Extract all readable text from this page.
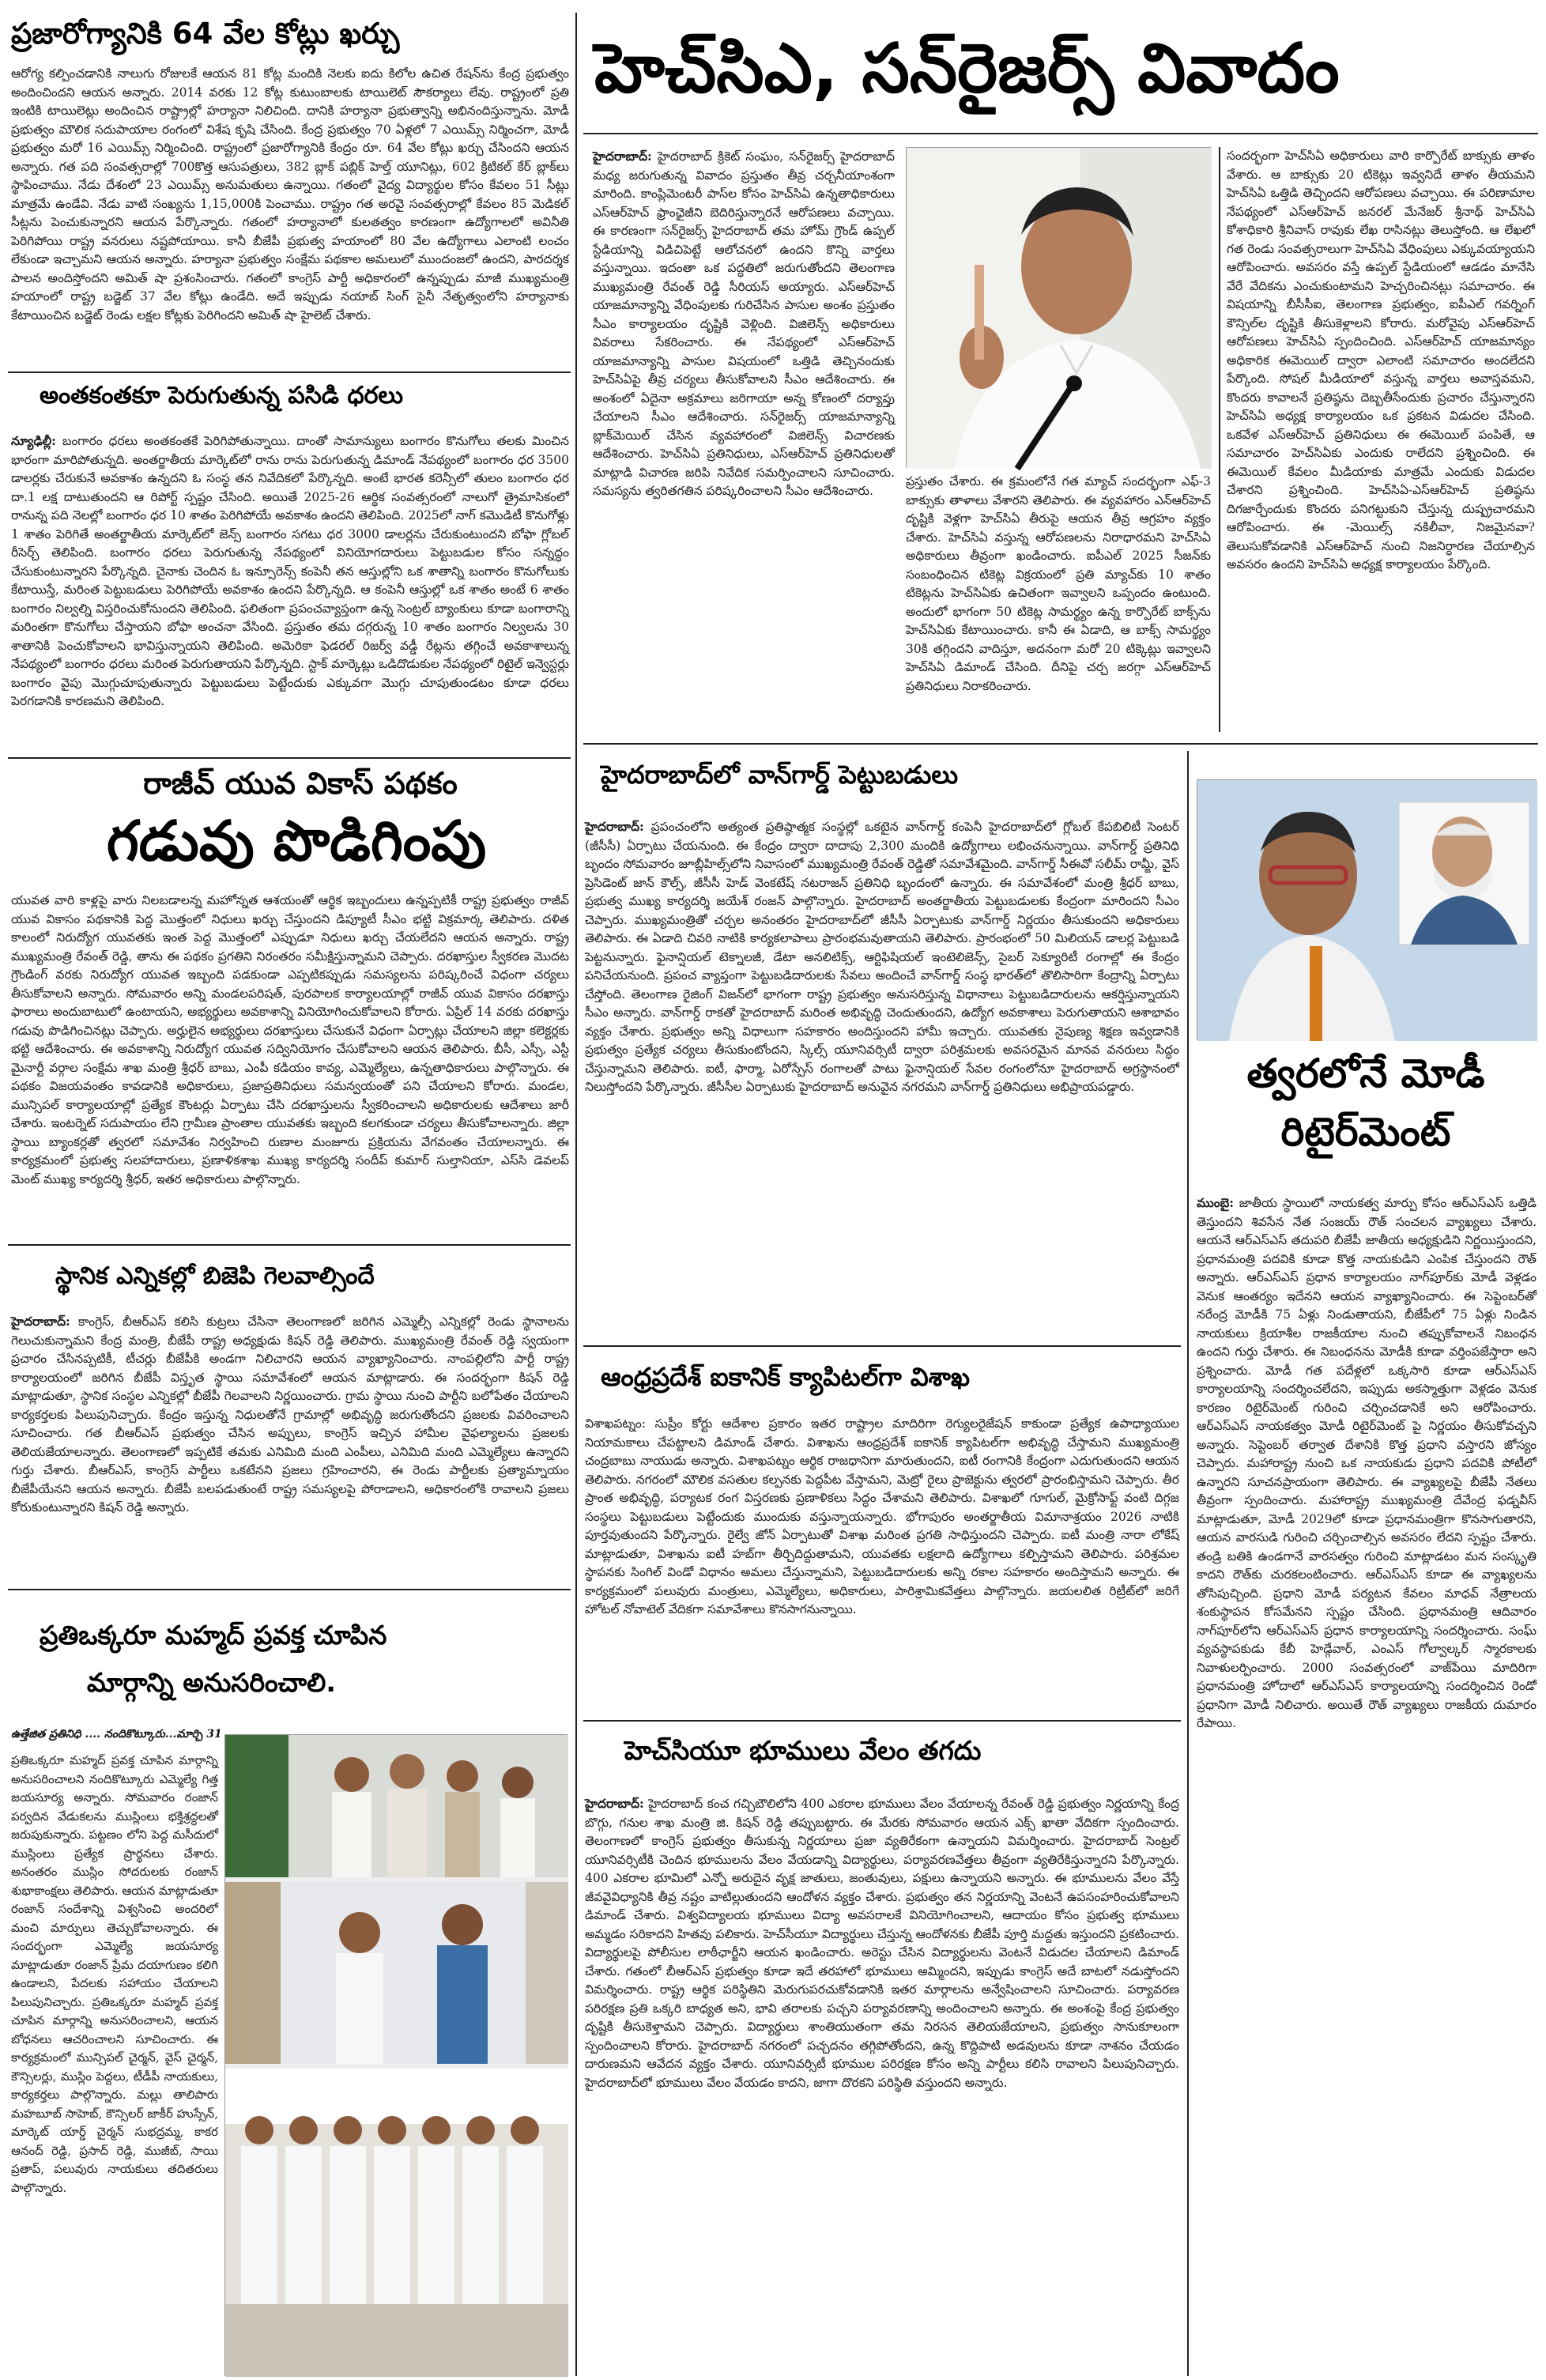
ప్రజారోగ్యానికి 64 వేల కోట్లు ఖర్చు
ఆరోగ్య కల్పించడానికి నాలుగు రోజులకే ఆయన 81 కోట్ల మందికి నెలకు ఐదు కిలోల ఉచిత రేషన్‌ను కేంద్ర ప్రభుత్వం అందించిందని ఆయన అన్నారు. 2014 వరకు 12 కోట్ల కుటుంబాలకు టాయిలెట్ సౌకర్యాలు లేవు. రాష్ట్రంలో ప్రతి ఇంటికి టాయిలెట్లు అందించిన రాష్ట్రాల్లో హర్యానా నిలిచింది. దానికి హర్యానా ప్రభుత్వాన్ని అభినందిస్తున్నాను. మోడీ ప్రభుత్వం మౌలిక సదుపాయాల రంగంలో విశేష కృషి చేసింది. కేంద్ర ప్రభుత్వం 70 ఏళ్లలో 7 ఎయిమ్స్ నిర్మించగా, మోడీ ప్రభుత్వం మరో 16 ఎయిమ్స్ నిర్మించింది. రాష్ట్రంలో ప్రజారోగ్యానికి కేంద్రం రూ. 64 వేల కోట్లు ఖర్చు చేసిందని ఆయన అన్నారు. గత పది సంవత్సరాల్లో 700కొత్త ఆసుపత్రులు, 382 బ్లాక్ పబ్లిక్ హెల్త్ యూనిట్లు, 602 క్రిటికల్ కేర్ బ్లాక్‌లు స్థాపించాము. నేడు దేశంలో 23 ఎయిమ్స్ అనుమతులు ఉన్నాయి. గతంలో వైద్య విద్యార్థుల కోసం కేవలం 51 సీట్లు మాత్రమే ఉండేవి. నేడు వాటి సంఖ్యను 1,15,000కి పెంచాము. రాష్ట్రం గత అరవై సంవత్సరాల్లో కేవలం 85 మెడికల్ సీట్లను పెంచుకున్నారని ఆయన పేర్కొన్నారు. గతంలో హర్యానాలో కులతత్వం కారణంగా ఉద్యోగాలలో అవినీతి పెరిగిపోయి రాష్ట్ర వనరులు నష్టపోయాయి. కానీ బీజేపీ ప్రభుత్వ హయాంలో 80 వేల ఉద్యోగాలు ఎలాంటి లంచం లేకుండా ఇచ్చామని ఆయన అన్నారు. హర్యానా ప్రభుత్వం సంక్షేమ పథకాల అమలులో ముందంజలో ఉందని, పారదర్శక పాలన అందిస్తోందని అమిత్ షా ప్రశంసించారు. గతంలో కాంగ్రెస్ పార్టీ అధికారంలో ఉన్నప్పుడు మాజీ ముఖ్యమంత్రి హయాంలో రాష్ట్ర బడ్జెట్ 37 వేల కోట్లు ఉండేది. అదే ఇప్పుడు నయాబ్ సింగ్ సైనీ నేతృత్వంలోని హర్యానాకు కేటాయించిన బడ్జెట్ రెండు లక్షల కోట్లకు పెరిగిందని అమిత్ షా హైలెట్ చేశారు.
అంతకంతకూ పెరుగుతున్న పసిడి ధరలు
న్యూఢిల్లీ: బంగారం ధరలు అంతకంతకే పెరిగిపోతున్నాయి. దాంతో సామాన్యులు బంగారం కొనుగోలు తలకు మించిన భారంగా మారిపోతున్నది. అంతర్జాతీయ మార్కెట్‌లో రాను రాను పెరుగుతున్న డిమాండ్ నేపథ్యంలో బంగారం ధర 3500 డాలర్లకు చేరుకునే అవకాశం ఉన్నదని ఓ సంస్థ తన నివేదికలో పేర్కొన్నది. అంటే భారత కరెన్సీలో తులం బంగారం ధర దా.1 లక్ష దాటుతుందని ఆ రిపోర్ట్ స్పష్టం చేసింది. అయితే 2025-26 ఆర్థిక సంవత్సరంలో నాలుగో త్రైమాసికంలో రానున్న పది నెలల్లో బంగారం ధర 10 శాతం పెరిగిపోయే అవకాశం ఉందని తెలిపింది. 2025లో నాగ్ కమొడిటీ కొనుగోళ్లు 1 శాతం పెరిగితే అంతర్జాతీయ మార్కెట్‌లో జెన్స్ బంగారం సగటు ధర 3000 డాలర్లను చేరుకుంటుందని బోఫా గ్లోబల్ రీసెర్చ్ తెలిపింది. బంగారం ధరలు పెరుగుతున్న నేపథ్యంలో వినియోగదారులు పెట్టుబడుల కోసం సన్నద్ధం చేసుకుంటున్నారని పేర్కొన్నది. చైనాకు చెందిన ఓ ఇన్సూరెన్స్ కంపెనీ తన ఆస్తుల్లోని ఒక శాతాన్ని బంగారం కొనుగోలుకు కేటాయిస్తే, మరింత పెట్టుబడులు పెరిగిపోయే అవకాశం ఉందని పేర్కొన్నది. ఆ కంపెనీ ఆస్తుల్లో ఒక శాతం అంటే 6 శాతం బంగారం నిల్వల్ని విస్తరించుకోనుందని తెలిపింది. ఫలితంగా ప్రపంచవ్యాప్తంగా ఉన్న సెంట్రల్ బ్యాంకులు కూడా బంగారాన్ని మరింతగా కొనుగోలు చేస్తాయని బోఫా అంచనా వేసింది. ప్రస్తుతం తమ దగ్గరున్న 10 శాతం బంగారం నిల్వలను 30 శాతానికి పెంచుకోవాలని భావిస్తున్నాయని తెలిపింది. అమెరికా ఫెడరల్ రిజర్వ్ వడ్డీ రేట్లను తగ్గించే అవకాశాలున్న నేపథ్యంలో బంగారం ధరలు మరింత పెరుగుతాయని పేర్కొన్నది. స్టాక్ మార్కెట్లు ఒడిదొడుకుల నేపథ్యంలో రిటైల్ ఇన్వెస్టర్లు బంగారం వైపు మొగ్గుచూపుతున్నారు పెట్టుబడులు పెట్టేందుకు ఎక్కువగా మొగ్గు చూపుతుండటం కూడా ధరలు పెరగడానికి కారణమని తెలిపింది.
హెచ్‌సిఎ, సన్‌రైజర్స్ వివాదం
హైదరాబాద్: హైదరాబాద్ క్రికెట్ సంఘం, సన్‌రైజర్స్ హైదరాబాద్ మధ్య జరుగుతున్న వివాదం ప్రస్తుతం తీవ్ర చర్చనీయాంశంగా మారింది. కాంప్లిమెంటరీ పాస్‌ల కోసం హెచ్‌సిఏ ఉన్నతాధికారులు ఎస్‌ఆర్‌హెచ్ ఫ్రాంఛైజీని బెదిరిస్తున్నారనే ఆరోపణలు వచ్చాయి. ఈ కారణంగా సన్‌రైజర్స్ హైదరాబాద్ తమ హోమ్ గ్రౌండ్ ఉప్పల్ స్టేడియాన్ని విడిచిపెట్టే ఆలోచనలో ఉందని కొన్ని వార్తలు వస్తున్నాయి. ఇదంతా ఒక పద్ధతిలో జరుగుతోందని తెలంగాణ ముఖ్యమంత్రి రేవంత్ రెడ్డి సీరియస్ అయ్యారు. ఎస్‌ఆర్‌హెచ్ యాజమాన్యాన్ని వేధింపులకు గురిచేసిన పాసుల అంశం ప్రస్తుతం సీఎం కార్యాలయం దృష్టికి వెళ్లింది. విజిలెన్స్ అధికారులు వివరాలు సేకరించారు. ఈ నేపథ్యంలో ఎస్‌ఆర్‌హెచ్ యాజమాన్యాన్ని పాసుల విషయంలో ఒత్తిడి తెచ్చినందుకు హెచ్‌సిఏపై తీవ్ర చర్యలు తీసుకోవాలని సీఎం ఆదేశించారు. ఈ అంశంలో ఏదైనా అక్రమాలు జరిగాయా అన్న కోణంలో దర్యాప్తు చేయాలని సీఎం ఆదేశించారు. సన్‌రైజర్స్ యాజమాన్యాన్ని బ్లాక్‌మెయిల్ చేసిన వ్యవహారంలో విజిలెన్స్ విచారణకు ఆదేశించారు. హెచ్‌సిఏ ప్రతినిధులు, ఎస్‌ఆర్‌హెచ్ ప్రతినిధులతో మాట్లాడి విచారణ జరిపి నివేదిక సమర్పించాలని సూచించారు. సమస్యను త్వరితగతిన పరిష్కరించాలని సీఎం ఆదేశించారు.
ప్రస్తుతం చేశారు. ఈ క్రమంలోనే గత మ్యాచ్ సందర్భంగా ఎఫ్-3 బాక్సుకు తాళాలు వేశారని తెలిపారు. ఈ వ్యవహారం ఎన్‌ఆర్‌హెచ్ దృష్టికి వెళ్లగా హెచ్‌సిఏ తీరుపై ఆయన తీవ్ర ఆగ్రహం వ్యక్తం చేశారు. హెచ్‌సిఏ వస్తున్న ఆరోపణలను నిరాధారమని హెచ్‌సిఏ అధికారులు తీవ్రంగా ఖండించారు. ఐపీఎల్ 2025 సీజన్‌కు సంబంధించిన టికెట్ల విక్రయంలో ప్రతి మ్యాచ్‌కు 10 శాతం టికెట్లను హెచ్‌సిఏకు ఉచితంగా ఇవ్వాలని ఒప్పందం ఉంటుంది. అందులో భాగంగా 50 టికెట్ల సామర్థ్యం ఉన్న కార్పొరేట్ బాక్స్‌ను హెచ్‌సిఏకు కేటాయించారు. కానీ ఈ ఏడాది, ఆ బాక్స్ సామర్థ్యం 30కి తగ్గిందని వాదిస్తూ, అదనంగా మరో 20 టిక్కెట్లు ఇవ్వాలని హెచ్‌సిఏ డిమాండ్ చేసింది. దీనిపై చర్చ జరగ్గా ఎస్‌ఆర్‌హెచ్ ప్రతినిధులు నిరాకరించారు.
సందర్భంగా హెచ్‌సిఏ అధికారులు వారి కార్పొరేట్ బాక్సుకు తాళం వేశారు. ఆ బాక్సుకు 20 టికెట్లు ఇవ్వనిదే తాళం తీయమని హెచ్‌సిఏ ఒత్తిడి తెచ్చిందని ఆరోపణలు వచ్చాయి. ఈ పరిణామాల నేపథ్యంలో ఎస్‌ఆర్‌హెచ్ జనరల్ మేనేజర్ శ్రీనాథ్ హెచ్‌సిఏ కోశాధికారి శ్రీనివాస్ రావుకు లేఖ రాసినట్లు తెలుస్తోంది. ఆ లేఖలో గత రెండు సంవత్సరాలుగా హెచ్‌సిఏ వేధింపులు ఎక్కువయ్యాయని ఆరోపించారు. అవసరం వస్తే ఉప్పల్ స్టేడియంలో ఆడడం మానేసి వేరే వేదికను ఎంచుకుంటామని హెచ్చరించినట్లు సమాచారం. ఈ విషయాన్ని బీసీసీఐ, తెలంగాణ ప్రభుత్వం, ఐపీఎల్ గవర్నింగ్ కౌన్సిల్‌ల దృష్టికి తీసుకెళ్లాలని కోరారు. మరోవైపు ఎస్‌ఆర్‌హెచ్ ఆరోపణలు హెచ్‌సిఏ స్పందించింది. ఎస్‌ఆర్‌హెచ్ యాజమాన్యం అధికారిక ఈమెయిల్ ద్వారా ఎలాంటి సమాచారం అందలేదని పేర్కొంది. సోషల్ మీడియాలో వస్తున్న వార్తలు అవాస్తవమని, కొందరు కావాలనే ప్రతిష్ఠను దెబ్బతీసేందుకు ప్రచారం చేస్తున్నారని హెచ్‌సిఏ అధ్యక్ష కార్యాలయం ఒక ప్రకటన విడుదల చేసింది. ఒకవేళ ఎస్‌ఆర్‌హెచ్ ప్రతినిధులు ఈ ఈమెయిల్ పంపితే, ఆ సమాచారం హెచ్‌సిఏకు ఎందుకు రాలేదని ప్రశ్నించింది. ఈ ఈమెయిల్ కేవలం మీడియాకు మాత్రమే ఎందుకు విడుదల చేశారని ప్రశ్నించింది. హెచ్‌సిఏ-ఎస్‌ఆర్‌హెచ్ ప్రతిష్ఠను దిగజార్చేందుకు కొందరు పనిగట్టుకుని చేస్తున్న దుష్ప్రచారమని ఆరోపించారు. ఈ -మెయిల్స్ నకిలీవా, నిజమైనవా? తెలుసుకోవడానికి ఎస్‌ఆర్‌హెచ్ నుంచి నిజనిర్ధారణ చేయాల్సిన అవసరం ఉందని హెచ్‌సిఏ అధ్యక్ష కార్యాలయం పేర్కొంది.
రాజీవ్ యువ వికాస్ పథకం
గడువు పొడిగింపు
యువత వారి కాళ్లపై వారు నిలబడాలన్న మహోన్నత ఆశయంతో ఆర్థిక ఇబ్బందులు ఉన్నప్పటికీ రాష్ట్ర ప్రభుత్వం రాజీవ్ యువ వికాసం పథకానికి పెద్ద మొత్తంలో నిధులు ఖర్చు చేస్తుందని డిప్యూటీ సీఎం భట్టి విక్రమార్క తెలిపారు. దళిత కాలంలో నిరుద్యోగ యువతకు ఇంత పెద్ద మొత్తంలో ఎప్పుడూ నిధులు ఖర్చు చేయలేదని ఆయన అన్నారు. రాష్ట్ర ముఖ్యమంత్రి రేవంత్ రెడ్డి, తాను ఈ పథకం ప్రగతిని నిరంతరం సమీక్షిస్తున్నామని చెప్పారు. దరఖాస్తుల స్వీకరణ మొదట గ్రౌండింగ్ వరకు నిరుద్యోగ యువత ఇబ్బంది పడకుండా ఎప్పటికప్పుడు సమస్యలను పరిష్కరించే విధంగా చర్యలు తీసుకోవాలని అన్నారు. సోమవారం అన్ని మండలపరిషత్, పురపాలక కార్యాలయాల్లో రాజీవ్ యువ వికాసం దరఖాస్తు ఫారాలు అందుబాటులో ఉంటాయని, అభ్యర్థులు అవకాశాన్ని వినియోగించుకోవాలని కోరారు. ఏప్రిల్ 14 వరకు దరఖాస్తు గడువు పొడిగించినట్లు చెప్పారు. అర్హులైన అభ్యర్థులు దరఖాస్తులు చేసుకునే విధంగా ఏర్పాట్లు చేయాలని జిల్లా కలెక్టర్లకు భట్టి ఆదేశించారు. ఈ అవకాశాన్ని నిరుద్యోగ యువత సద్వినియోగం చేసుకోవాలని ఆయన తెలిపారు. బీసీ, ఎస్సీ, ఎస్టీ మైనార్టీ వర్గాల సంక్షేమ శాఖ మంత్రి శ్రీధర్ బాబు, ఎంపీ కడియం కావ్య, ఎమ్మెల్యేలు, ఉన్నతాధికారులు పాల్గొన్నారు. ఈ పథకం విజయవంతం కావడానికి అధికారులు, ప్రజాప్రతినిధులు సమన్వయంతో పని చేయాలని కోరారు. మండల, మున్సిపల్ కార్యాలయాల్లో ప్రత్యేక కౌంటర్లు ఏర్పాటు చేసి దరఖాస్తులను స్వీకరించాలని అధికారులకు ఆదేశాలు జారీ చేశారు. ఇంటర్నెట్ సదుపాయం లేని గ్రామీణ ప్రాంతాల యువతకు ఇబ్బంది కలగకుండా చర్యలు తీసుకోవాలన్నారు. జిల్లా స్థాయి బ్యాంకర్లతో త్వరలో సమావేశం నిర్వహించి రుణాల మంజూరు ప్రక్రియను వేగవంతం చేయాలన్నారు. ఈ కార్యక్రమంలో ప్రభుత్వ సలహాదారులు, ప్రణాళికశాఖ ముఖ్య కార్యదర్శి సందీప్ కుమార్ సుల్తానియా, ఎస్‌సి డెవలప్ మెంట్ ముఖ్య కార్యదర్శి శ్రీధర్, ఇతర అధికారులు పాల్గొన్నారు.
స్థానిక ఎన్నికల్లో బిజెపి గెలవాల్సిందే
హైదరాబాద్: కాంగ్రెస్, బీఆర్ఎస్ కలిసి కుట్రలు చేసినా తెలంగాణలో జరిగిన ఎమ్మెల్సీ ఎన్నికల్లో రెండు స్థానాలను గెలుచుకున్నామని కేంద్ర మంత్రి, బీజేపీ రాష్ట్ర అధ్యక్షుడు కిషన్ రెడ్డి తెలిపారు. ముఖ్యమంత్రి రేవంత్ రెడ్డి స్వయంగా ప్రచారం చేసినప్పటికీ, టీచర్లు బీజేపీకి అండగా నిలిచారని ఆయన వ్యాఖ్యానించారు. నాంపల్లిలోని పార్టీ రాష్ట్ర కార్యాలయంలో జరిగిన బీజేపీ విస్తృత స్థాయి సమావేశంలో ఆయన మాట్లాడారు. ఈ సందర్భంగా కిషన్ రెడ్డి మాట్లాడుతూ, స్థానిక సంస్థల ఎన్నికల్లో బీజేపీ గెలవాలని నిర్ణయించారు. గ్రామ స్థాయి నుంచి పార్టీని బలోపేతం చేయాలని కార్యకర్తలకు పిలుపునిచ్చారు. కేంద్రం ఇస్తున్న నిధులతోనే గ్రామాల్లో అభివృద్ధి జరుగుతోందని ప్రజలకు వివరించాలని సూచించారు. గత బీఆర్ఎస్ ప్రభుత్వం చేసిన అప్పులు, కాంగ్రెస్ ఇచ్చిన హామీల వైఫల్యాలను ప్రజలకు తెలియజేయాలన్నారు. తెలంగాణలో ఇప్పటికే తమకు ఎనిమిది మంది ఎంపీలు, ఎనిమిది మంది ఎమ్మెల్యేలు ఉన్నారని గుర్తు చేశారు. బీఆర్ఎస్, కాంగ్రెస్ పార్టీలు ఒకటేనని ప్రజలు గ్రహించారని, ఈ రెండు పార్టీలకు ప్రత్యామ్నాయం బీజేపీయేనని ఆయన అన్నారు. బీజేపీ బలపడుతుంటే రాష్ట్ర సమస్యలపై పోరాడాలని, అధికారంలోకి రావాలని ప్రజలు కోరుకుంటున్నారని కిషన్ రెడ్డి అన్నారు.
ప్రతిఒక్కరూ మహ్మద్ ప్రవక్త చూపిన
మార్గాన్ని అనుసరించాలి.
ఉత్తేజిత ప్రతినిధి .... నందికొట్కూరు...మార్చి 31
ప్రతిఒక్కరూ మహ్మద్ ప్రవక్త చూపిన మార్గాన్ని అనుసరించాలని నందికొట్కూరు ఎమ్మెల్యే గిత్త జయసూర్య అన్నారు. సోమవారం రంజాన్ పర్వదిన వేడుకలను ముస్లింలు భక్తిశ్రద్ధలతో జరుపుకున్నారు. పట్టణం లోని పెద్ద మసీదులో ముస్లింలు ప్రత్యేక ప్రార్థనలు చేశారు. అనంతరం ముస్లిం సోదరులకు రంజాన్ శుభాకాంక్షలు తెలిపారు. ఆయన మాట్లాడుతూ రంజాన్ సందేశాన్ని విశ్వసించి అందరిలో మంచి మార్పులు తెచ్చుకోవాలన్నారు. ఈ సందర్భంగా ఎమ్మెల్యే జయసూర్య మాట్లాడుతూ రంజాన్ ప్రేమ దయాగుణం కలిగి ఉండాలని, పేదలకు సహాయం చేయాలని పిలుపునిచ్చారు. ప్రతిఒక్కరూ మహ్మద్ ప్రవక్త చూపిన మార్గాన్ని అనుసరించాలని, ఆయన బోధనలు ఆచరించాలని సూచించారు. ఈ కార్యక్రమంలో మున్సిపల్ చైర్మన్, వైస్ చైర్మన్, కౌన్సిలర్లు, ముస్లిం పెద్దలు, టీడీపీ నాయకులు, కార్యకర్తలు పాల్గొన్నారు. మల్లు తాలిపారు మహబూబ్ సాహెబ్, కౌన్సిలర్ జాకీర్ హుస్సేన్, మార్కెట్ యార్డ్ చైర్మన్ సుభద్రమ్మ, కాకర ఆనంద్ రెడ్డి, ప్రసాద్ రెడ్డి, ముజీబ్, సాయి ప్రతాప్, పలువురు నాయకులు తదితరులు పాల్గొన్నారు.
హైదరాబాద్‌లో వాన్‌గార్డ్ పెట్టుబడులు
హైదరాబాద్: ప్రపంచంలోని అత్యంత ప్రతిష్ఠాత్మక సంస్థల్లో ఒకటైన వాన్‌గార్డ్ కంపెనీ హైదరాబాద్‌లో గ్లోబల్ కేపబిలిటీ సెంటర్ (జీసీసీ) ఏర్పాటు చేయనుంది. ఈ కేంద్రం ద్వారా దాదాపు 2,300 మందికి ఉద్యోగాలు లభించనున్నాయి. వాన్‌గార్డ్ ప్రతినిధి బృందం సోమవారం జూబ్లీహిల్స్‌లోని నివాసంలో ముఖ్యమంత్రి రేవంత్ రెడ్డితో సమావేశమైంది. వాన్‌గార్డ్ సీఈవో సలీమ్ రామ్జీ, వైస్ ప్రెసిడెంట్ జాన్ కౌల్స్, జీసీసీ హెడ్ వెంకటేష్ నటరాజన్ ప్రతినిధి బృందంలో ఉన్నారు. ఈ సమావేశంలో మంత్రి శ్రీధర్ బాబు, ప్రభుత్వ ముఖ్య కార్యదర్శి జయేశ్ రంజన్ పాల్గొన్నారు. హైదరాబాద్ అంతర్జాతీయ పెట్టుబడులకు కేంద్రంగా మారిందని సీఎం చెప్పారు. ముఖ్యమంత్రితో చర్చల అనంతరం హైదరాబాద్‌లో జీసీసీ ఏర్పాటుకు వాన్‌గార్డ్ నిర్ణయం తీసుకుందని అధికారులు తెలిపారు. ఈ ఏడాది చివరి నాటికి కార్యకలాపాలు ప్రారంభమవుతాయని తెలిపారు. ప్రారంభంలో 50 మిలియన్ డాలర్ల పెట్టుబడి పెట్టనున్నారు. ఫైనాన్షియల్ టెక్నాలజీ, డేటా అనలిటిక్స్, ఆర్టిఫిషియల్ ఇంటెలిజెన్స్, సైబర్ సెక్యూరిటీ రంగాల్లో ఈ కేంద్రం పనిచేయనుంది. ప్రపంచ వ్యాప్తంగా పెట్టుబడిదారులకు సేవలు అందించే వాన్‌గార్డ్ సంస్థ భారత్‌లో తొలిసారిగా కేంద్రాన్ని ఏర్పాటు చేస్తోంది. తెలంగాణ రైజింగ్ విజన్‌లో భాగంగా రాష్ట్ర ప్రభుత్వం అనుసరిస్తున్న విధానాలు పెట్టుబడిదారులను ఆకర్షిస్తున్నాయని సీఎం అన్నారు. వాన్‌గార్డ్ రాకతో హైదరాబాద్ మరింత అభివృద్ధి చెందుతుందని, ఉద్యోగ అవకాశాలు పెరుగుతాయని ఆశాభావం వ్యక్తం చేశారు. ప్రభుత్వం అన్ని విధాలుగా సహకారం అందిస్తుందని హామీ ఇచ్చారు. యువతకు నైపుణ్య శిక్షణ ఇవ్వడానికి ప్రభుత్వం ప్రత్యేక చర్యలు తీసుకుంటోందని, స్కిల్స్ యూనివర్సిటీ ద్వారా పరిశ్రమలకు అవసరమైన మానవ వనరులు సిద్ధం చేస్తున్నామని తెలిపారు. ఐటీ, ఫార్మా, ఏరోస్పేస్ రంగాలతో పాటు ఫైనాన్షియల్ సేవల రంగంలోనూ హైదరాబాద్ అగ్రస్థానంలో నిలుస్తోందని పేర్కొన్నారు. జీసీసీల ఏర్పాటుకు హైదరాబాద్ అనువైన నగరమని వాన్‌గార్డ్ ప్రతినిధులు అభిప్రాయపడ్డారు.
ఆంధ్రప్రదేశ్ ఐకానిక్ క్యాపిటల్‌గా విశాఖ
విశాఖపట్నం: సుప్రీం కోర్టు ఆదేశాల ప్రకారం ఇతర రాష్ట్రాల మాదిరిగా రెగ్యులరైజేషన్ కాకుండా ప్రత్యేక ఉపాధ్యాయుల నియామకాలు చేపట్టాలని డిమాండ్ చేశారు. విశాఖను ఆంధ్రప్రదేశ్ ఐకానిక్ క్యాపిటల్‌గా అభివృద్ధి చేస్తామని ముఖ్యమంత్రి చంద్రబాబు నాయుడు అన్నారు. విశాఖపట్నం ఆర్థిక రాజధానిగా మారుతుందని, ఐటీ రంగానికి కేంద్రంగా ఎదుగుతుందని ఆయన తెలిపారు. నగరంలో మౌలిక వసతుల కల్పనకు పెద్దపీట వేస్తామని, మెట్రో రైలు ప్రాజెక్టును త్వరలో ప్రారంభిస్తామని చెప్పారు. తీర ప్రాంత అభివృద్ధి, పర్యాటక రంగ విస్తరణకు ప్రణాళికలు సిద్ధం చేశామని తెలిపారు. విశాఖలో గూగుల్, మైక్రోసాఫ్ట్ వంటి దిగ్గజ సంస్థలు పెట్టుబడులు పెట్టేందుకు ముందుకు వస్తున్నాయన్నారు. భోగాపురం అంతర్జాతీయ విమానాశ్రయం 2026 నాటికి పూర్తవుతుందని పేర్కొన్నారు. రైల్వే జోన్ ఏర్పాటుతో విశాఖ మరింత ప్రగతి సాధిస్తుందని చెప్పారు. ఐటీ మంత్రి నారా లోకేష్ మాట్లాడుతూ, విశాఖను ఐటీ హబ్‌గా తీర్చిదిద్దుతామని, యువతకు లక్షలాది ఉద్యోగాలు కల్పిస్తామని తెలిపారు. పరిశ్రమల స్థాపనకు సింగిల్ విండో విధానం అమలు చేస్తున్నామని, పెట్టుబడిదారులకు అన్ని రకాల సహకారం అందిస్తామని అన్నారు. ఈ కార్యక్రమంలో పలువురు మంత్రులు, ఎమ్మెల్యేలు, అధికారులు, పారిశ్రామికవేత్తలు పాల్గొన్నారు. జయలలిత రిట్రీట్‌లో జరిగే హోటల్ నోవాటెల్ వేదికగా సమావేశాలు కొనసాగనున్నాయి.
హెచ్‌సియూ భూములు వేలం తగదు
హైదరాబాద్: హైదరాబాద్ కంచ గచ్చిబౌలిలోని 400 ఎకరాల భూములు వేలం వేయాలన్న రేవంత్ రెడ్డి ప్రభుత్వం నిర్ణయాన్ని కేంద్ర బొగ్గు, గనుల శాఖ మంత్రి జి. కిషన్ రెడ్డి తప్పుబట్టారు. ఈ మేరకు సోమవారం ఆయన ఎక్స్ ఖాతా వేదికగా స్పందించారు. తెలంగాణలో కాంగ్రెస్ ప్రభుత్వం తీసుకున్న నిర్ణయాలు ప్రజా వ్యతిరేకంగా ఉన్నాయని విమర్శించారు. హైదరాబాద్ సెంట్రల్ యూనివర్సిటీకి చెందిన భూములను వేలం వేయడాన్ని విద్యార్థులు, పర్యావరణవేత్తలు తీవ్రంగా వ్యతిరేకిస్తున్నారని పేర్కొన్నారు. 400 ఎకరాల భూమిలో ఎన్నో అరుదైన వృక్ష జాతులు, జంతువులు, పక్షులు ఉన్నాయని అన్నారు. ఈ భూములను వేలం వేస్తే జీవవైవిధ్యానికి తీవ్ర నష్టం వాటిల్లుతుందని ఆందోళన వ్యక్తం చేశారు. ప్రభుత్వం తన నిర్ణయాన్ని వెంటనే ఉపసంహరించుకోవాలని డిమాండ్ చేశారు. విశ్వవిద్యాలయ భూములు విద్యా అవసరాలకే వినియోగించాలని, ఆదాయం కోసం ప్రభుత్వ భూములు అమ్మడం సరికాదని హితవు పలికారు. హెచ్‌సీయూ విద్యార్థులు చేస్తున్న ఆందోళనకు బీజేపీ పూర్తి మద్దతు ఇస్తుందని ప్రకటించారు. విద్యార్థులపై పోలీసుల లాఠీఛార్జీని ఆయన ఖండించారు. అరెస్టు చేసిన విద్యార్థులను వెంటనే విడుదల చేయాలని డిమాండ్ చేశారు. గతంలో బీఆర్ఎస్ ప్రభుత్వం కూడా ఇదే తరహాలో భూములు అమ్మిందని, ఇప్పుడు కాంగ్రెస్ అదే బాటలో నడుస్తోందని విమర్శించారు. రాష్ట్ర ఆర్థిక పరిస్థితిని మెరుగుపరచుకోవడానికి ఇతర మార్గాలను అన్వేషించాలని సూచించారు. పర్యావరణ పరిరక్షణ ప్రతి ఒక్కరి బాధ్యత అని, భావి తరాలకు పచ్చని పర్యావరణాన్ని అందించాలని అన్నారు. ఈ అంశంపై కేంద్ర ప్రభుత్వం దృష్టికి తీసుకెళ్తామని చెప్పారు. విద్యార్థులు శాంతియుతంగా తమ నిరసన తెలియజేయాలని, ప్రభుత్వం సానుకూలంగా స్పందించాలని కోరారు. హైదరాబాద్ నగరంలో పచ్చదనం తగ్గిపోతోందని, ఉన్న కొద్దిపాటి అడవులను కూడా నాశనం చేయడం దారుణమని ఆవేదన వ్యక్తం చేశారు. యూనివర్సిటీ భూముల పరిరక్షణ కోసం అన్ని పార్టీలు కలిసి రావాలని పిలుపునిచ్చారు. హైదరాబాద్‌లో భూములు వేలం వేయడం కాదని, జాగా దొరకని పరిస్థితి వస్తుందని అన్నారు.
త్వరలోనే మోడీ
రిటైర్‌మెంట్
ముంబై: జాతీయ స్థాయిలో నాయకత్వ మార్పు కోసం ఆర్ఎస్ఎస్ ఒత్తిడి తెస్తుందని శివసేన నేత సంజయ్ రౌత్ సంచలన వ్యాఖ్యలు చేశారు. ఆయనే ఆర్ఎస్ఎస్ తదుపరి బీజేపీ జాతీయ అధ్యక్షుడిని నిర్ణయిస్తుందని, ప్రధానమంత్రి పదవికి కూడా కొత్త నాయకుడిని ఎంపిక చేస్తుందని రౌత్ అన్నారు. ఆర్ఎస్ఎస్ ప్రధాన కార్యాలయం నాగ్‌పూర్‌కు మోడీ వెళ్లడం వెనుక ఆంతర్యం ఇదేనని ఆయన వ్యాఖ్యానించారు. ఈ సెప్టెంబర్‌తో నరేంద్ర మోడీకి 75 ఏళ్లు నిండుతాయని, బీజేపీలో 75 ఏళ్లు నిండిన నాయకులు క్రియాశీల రాజకీయాల నుంచి తప్పుకోవాలనే నిబంధన ఉందని గుర్తు చేశారు. ఈ నిబంధనను మోడీకి కూడా వర్తింపజేస్తారా అని ప్రశ్నించారు. మోడీ గత పదేళ్లలో ఒక్కసారి కూడా ఆర్ఎస్ఎస్ కార్యాలయాన్ని సందర్శించలేదని, ఇప్పుడు అకస్మాత్తుగా వెళ్లడం వెనుక కారణం రిటైర్‌మెంట్ గురించి చర్చించడానికే అని ఆరోపించారు. ఆర్ఎస్ఎస్ నాయకత్వం మోడీ రిటైర్‌మెంట్ పై నిర్ణయం తీసుకోవచ్చని అన్నారు. సెప్టెంబర్ తర్వాత దేశానికి కొత్త ప్రధాని వస్తారని జోస్యం చెప్పారు. మహారాష్ట్ర నుంచి ఒక నాయకుడు ప్రధాని పదవికి పోటీలో ఉన్నారని సూచనప్రాయంగా తెలిపారు. ఈ వ్యాఖ్యలపై బీజేపీ నేతలు తీవ్రంగా స్పందించారు. మహారాష్ట్ర ముఖ్యమంత్రి దేవేంద్ర ఫడ్నవీస్ మాట్లాడుతూ, మోడీ 2029లో కూడా ప్రధానమంత్రిగా కొనసాగుతారని, ఆయన వారసుడి గురించి చర్చించాల్సిన అవసరం లేదని స్పష్టం చేశారు. తండ్రి బతికి ఉండగానే వారసత్వం గురించి మాట్లాడటం మన సంస్కృతి కాదని రౌత్‌కు చురకలంటించారు. ఆర్ఎస్ఎస్ కూడా ఈ వ్యాఖ్యలను తోసిపుచ్చింది. ప్రధాని మోడీ పర్యటన కేవలం మాధవ్ నేత్రాలయ శంకుస్థాపన కోసమేనని స్పష్టం చేసింది. ప్రధానమంత్రి ఆదివారం నాగ్‌పూర్‌లోని ఆర్ఎస్ఎస్ ప్రధాన కార్యాలయాన్ని సందర్శించారు. సంఘ్ వ్యవస్థాపకుడు కేబీ హెడ్గేవార్, ఎంఎస్ గోల్వాల్కర్ స్మారకాలకు నివాళులర్పించారు. 2000 సంవత్సరంలో వాజ్‌పేయి మాదిరిగా ప్రధానమంత్రి హోదాలో ఆర్ఎస్ఎస్ కార్యాలయాన్ని సందర్శించిన రెండో ప్రధానిగా మోడీ నిలిచారు. అయితే రౌత్ వ్యాఖ్యలు రాజకీయ దుమారం రేపాయి.
